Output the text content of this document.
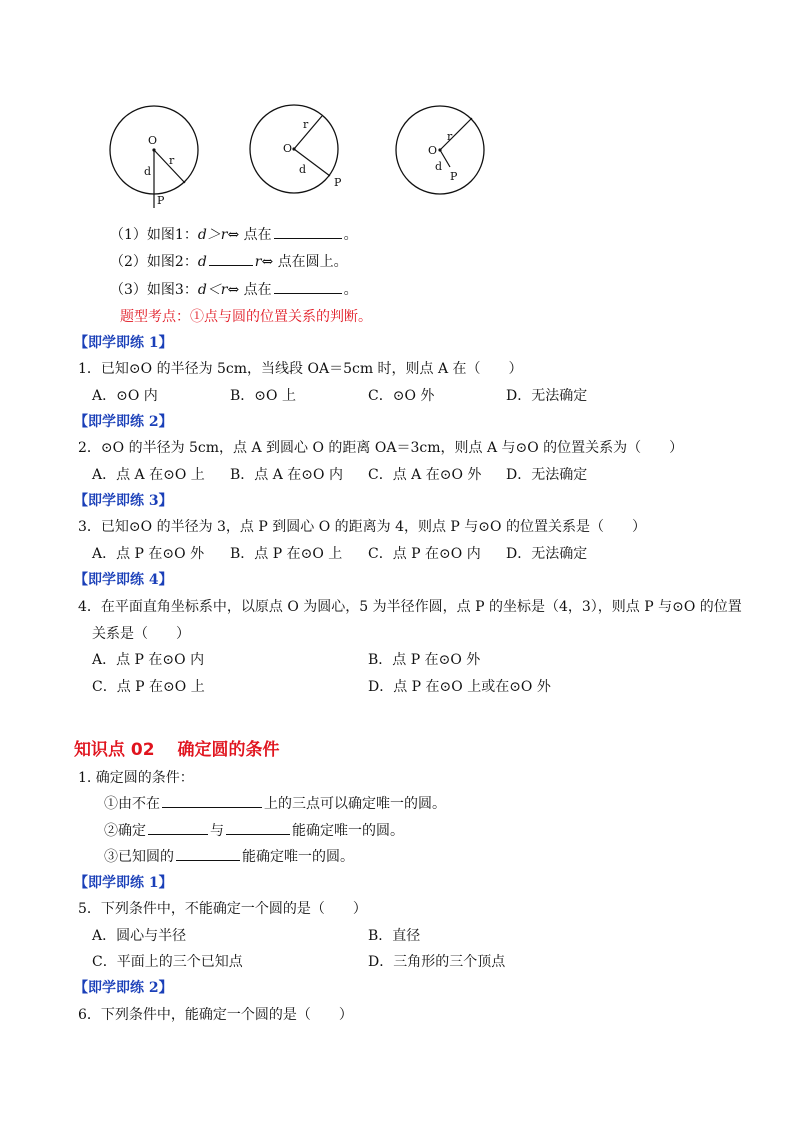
O
r
d
P
O
r
d
P
O
r
d
P
（1）如图1：d＞r⇔ 点在	。
（2）如图2：d	r⇔ 点在圆上。
（3）如图3：d＜r⇔ 点在	。
题型考点：①点与圆的位置关系的判断。
【即学即练 1】
1．已知⊙O 的半径为 5cm，当线段 OA＝5cm 时，则点 A 在（　　）
A．⊙O 内	B．⊙O 上	C．⊙O 外	D．无法确定
【即学即练 2】
2．⊙O 的半径为 5cm，点 A 到圆心 O 的距离 OA＝3cm，则点 A 与⊙O 的位置关系为（　　）
A．点 A 在⊙O 上 B．点 A 在⊙O 内 C．点 A 在⊙O 外 D．无法确定
【即学即练 3】
3．已知⊙O 的半径为 3，点 P 到圆心 O 的距离为 4，则点 P 与⊙O 的位置关系是（　　）
A．点 P 在⊙O 外 B．点 P 在⊙O 上 C．点 P 在⊙O 内 D．无法确定
【即学即练 4】
4．在平面直角坐标系中，以原点 O 为圆心，5 为半径作圆，点 P 的坐标是（4，3），则点 P 与⊙O 的位置
关系是（　　）
A．点 P 在⊙O 内	B．点 P 在⊙O 外
C．点 P 在⊙O 上	D．点 P 在⊙O 上或在⊙O 外
知识点 02　 确定圆的条件
1. 确定圆的条件：
①由不在	上的三点可以确定唯一的圆。
②确定	与	能确定唯一的圆。
③已知圆的	能确定唯一的圆。
【即学即练 1】
5．下列条件中，不能确定一个圆的是（　　）
A．圆心与半径	B．直径
C．平面上的三个已知点	D．三角形的三个顶点
【即学即练 2】
6．下列条件中，能确定一个圆的是（　　）
